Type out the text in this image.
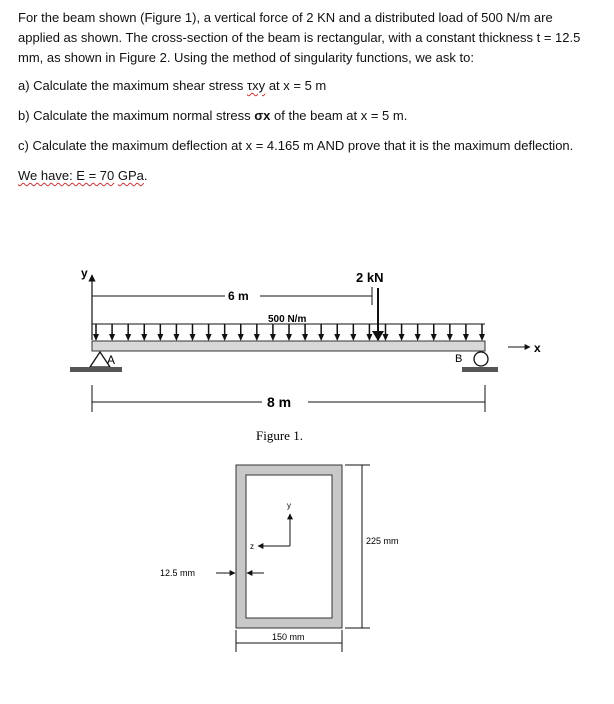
For the beam shown (Figure 1), a vertical force of 2 KN and a distributed load of 500 N/m are applied as shown. The cross-section of the beam is rectangular, with a constant thickness t = 12.5 mm, as shown in Figure 2. Using the method of singularity functions, we ask to:

a) Calculate the maximum shear stress τxy at x = 5 m

b) Calculate the maximum normal stress σx of the beam at x = 5 m.

c) Calculate the maximum deflection at x = 4.165 m AND prove that it is the maximum deflection.

We have: E = 70 GPa.

y
6 m
2 kN
500 N/m
A	B
x
8 m
Figure 1.
y
z
225 mm
150 mm
12.5 mm
